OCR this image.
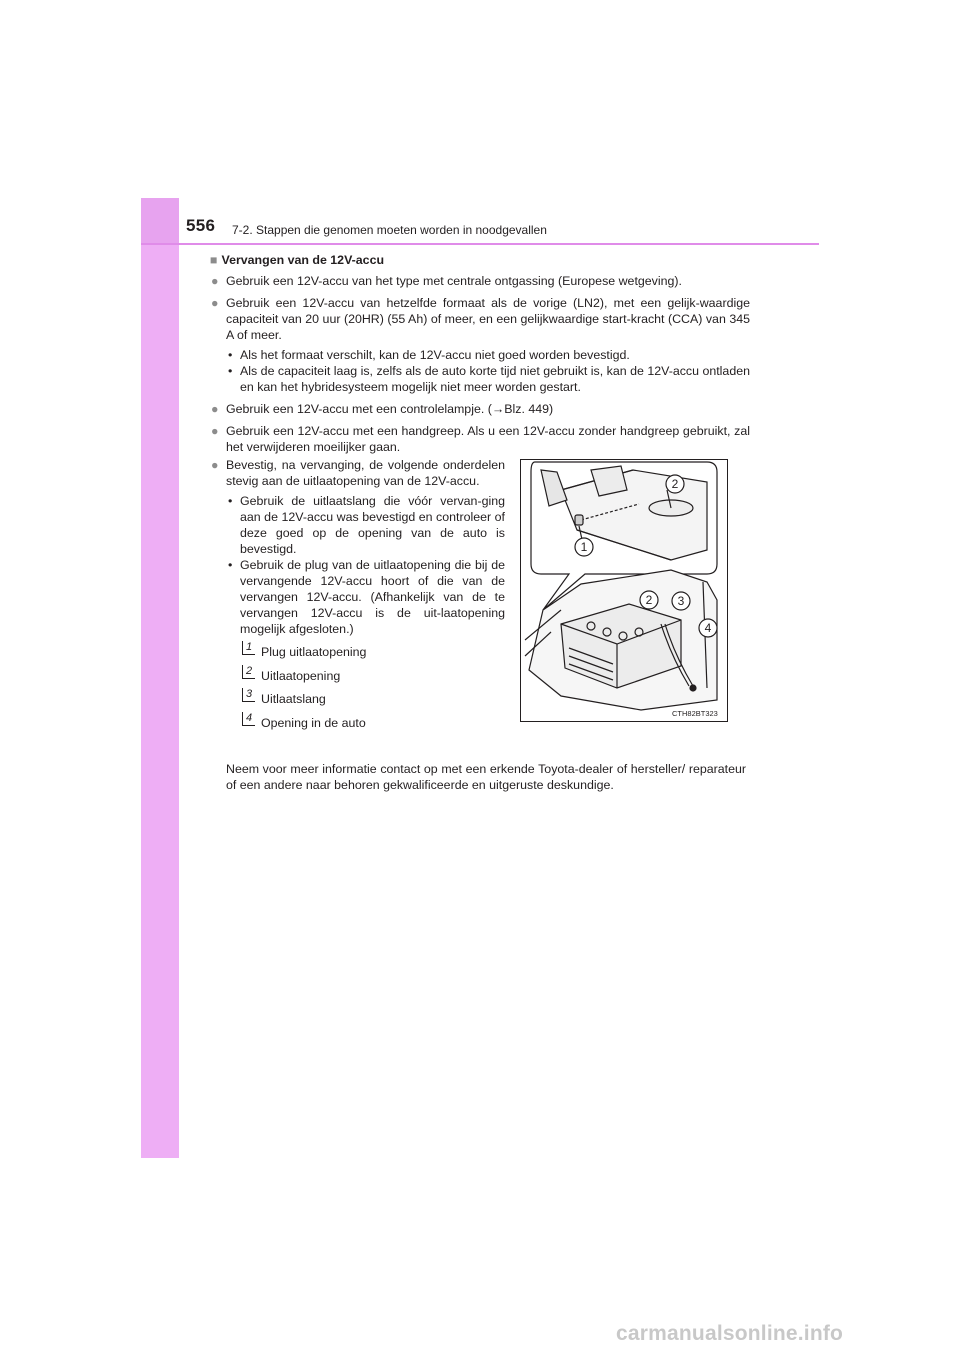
556 7-2. Stappen die genomen moeten worden in noodgevallen
■ Vervangen van de 12V-accu
● Gebruik een 12V-accu van het type met centrale ontgassing (Europese wetgeving).
● Gebruik een 12V-accu van hetzelfde formaat als de vorige (LN2), met een gelijk-waardige capaciteit van 20 uur (20HR) (55 Ah) of meer, en een gelijkwaardige start-kracht (CCA) van 345 A of meer.
• Als het formaat verschilt, kan de 12V-accu niet goed worden bevestigd.
• Als de capaciteit laag is, zelfs als de auto korte tijd niet gebruikt is, kan de 12V-accu ontladen en kan het hybridesysteem mogelijk niet meer worden gestart.
● Gebruik een 12V-accu met een controlelampje. (→Blz. 449)
● Gebruik een 12V-accu met een handgreep. Als u een 12V-accu zonder handgreep gebruikt, zal het verwijderen moeilijker gaan.
● Bevestig, na vervanging, de volgende onderdelen stevig aan de uitlaatopening van de 12V-accu.
• Gebruik de uitlaatslang die vóór vervan-ging aan de 12V-accu was bevestigd en controleer of deze goed op de opening van de auto is bevestigd.
• Gebruik de plug van de uitlaatopening die bij de vervangende 12V-accu hoort of die van de vervangen 12V-accu. (Afhankelijk van de te vervangen 12V-accu is de uit-laatopening mogelijk afgesloten.)
1 Plug uitlaatopening
2 Uitlaatopening
3 Uitlaatslang
4 Opening in de auto
2
1
2 3
4
CTH82BT323
Neem voor meer informatie contact op met een erkende Toyota-dealer of hersteller/ reparateur of een andere naar behoren gekwalificeerde en uitgeruste deskundige.
carmanualsonline.info
